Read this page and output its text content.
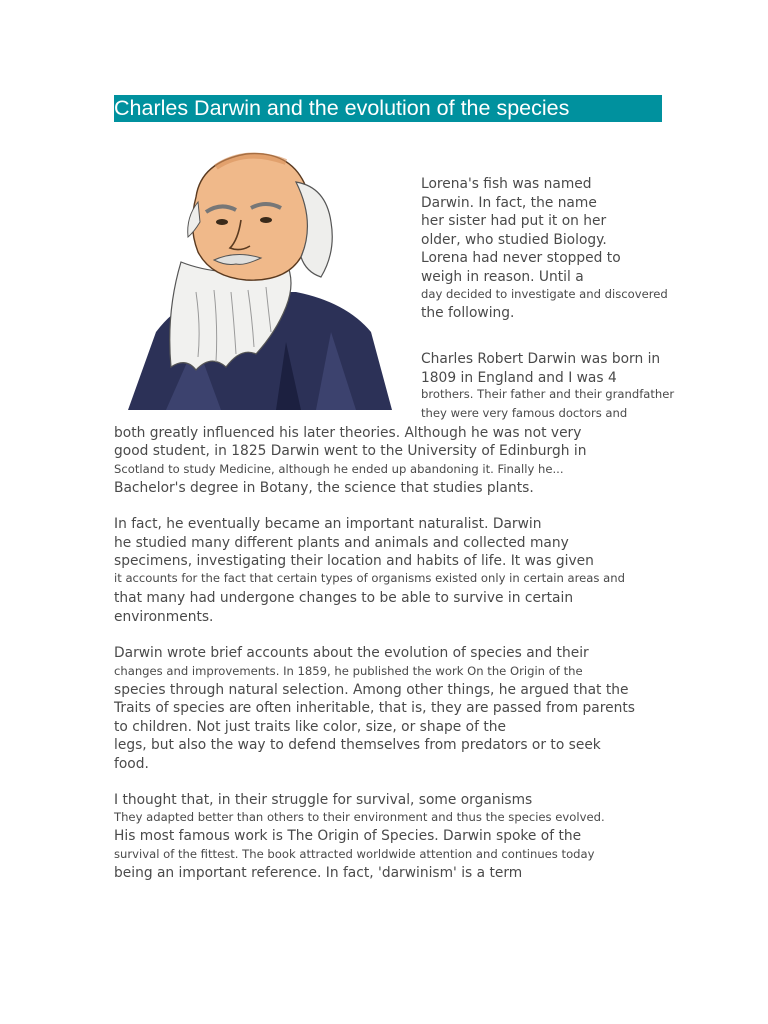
Charles Darwin and the evolution of the species
Lorena's fish was named
Darwin. In fact, the name
her sister had put it on her
older, who studied Biology.
Lorena had never stopped to
weigh in reason. Until a
day decided to investigate and discovered
the following.
Charles Robert Darwin was born in
1809 in England and I was 4
brothers. Their father and their grandfather
they were very famous doctors and
both greatly influenced his later theories. Although he was not very
good student, in 1825 Darwin went to the University of Edinburgh in
Scotland to study Medicine, although he ended up abandoning it. Finally he...
Bachelor's degree in Botany, the science that studies plants.
In fact, he eventually became an important naturalist. Darwin
he studied many different plants and animals and collected many
specimens, investigating their location and habits of life. It was given
it accounts for the fact that certain types of organisms existed only in certain areas and
that many had undergone changes to be able to survive in certain
environments.
Darwin wrote brief accounts about the evolution of species and their
changes and improvements. In 1859, he published the work On the Origin of the
species through natural selection. Among other things, he argued that the
Traits of species are often inheritable, that is, they are passed from parents
to children. Not just traits like color, size, or shape of the
legs, but also the way to defend themselves from predators or to seek
food.
I thought that, in their struggle for survival, some organisms
They adapted better than others to their environment and thus the species evolved.
His most famous work is The Origin of Species. Darwin spoke of the
survival of the fittest. The book attracted worldwide attention and continues today
being an important reference. In fact, 'darwinism' is a term
